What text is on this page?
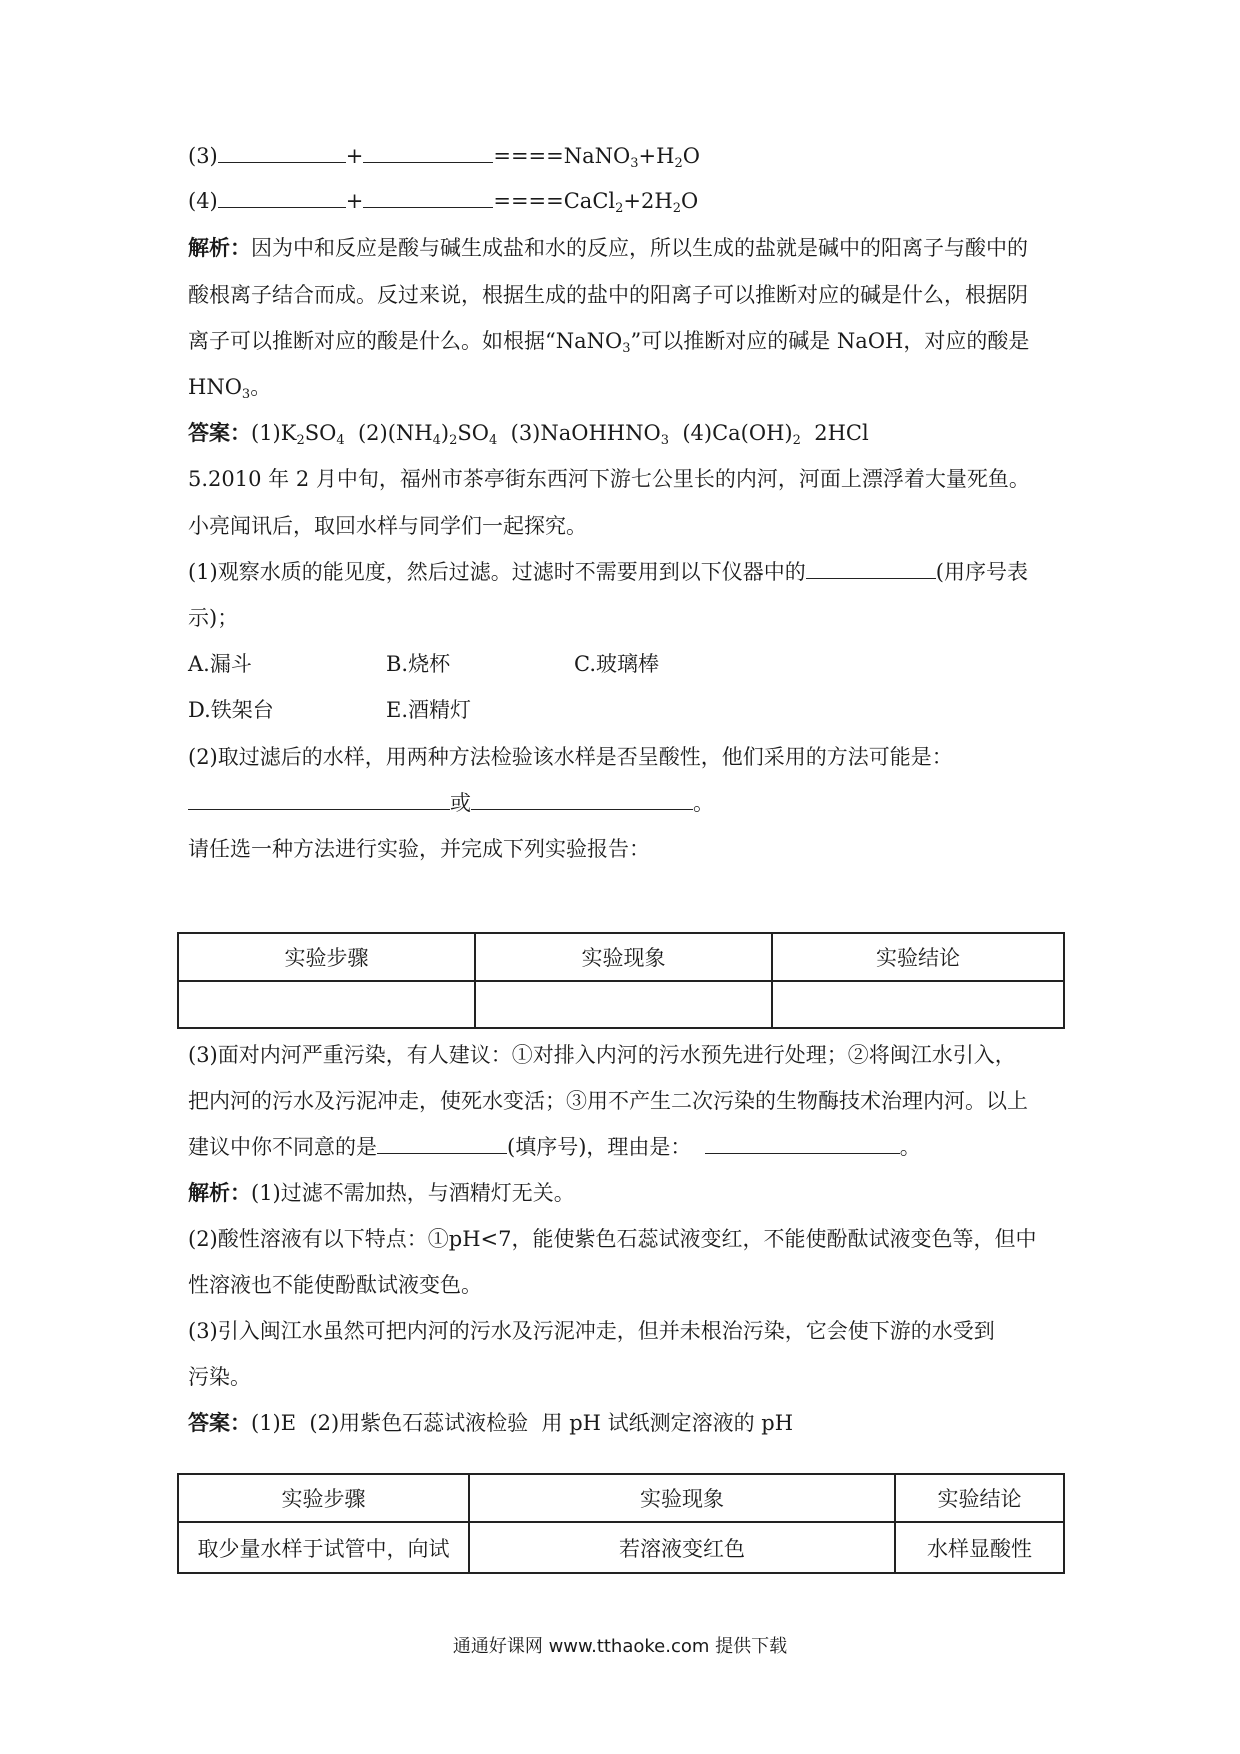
(3)	+	$====NaNO_3+H_2O$
(4)	+	$====CaCl_2+2H_2O$
解析：因为中和反应是酸与碱生成盐和水的反应，所以生成的盐就是碱中的阳离子与酸中的
酸根离子结合而成。反过来说，根据生成的盐中的阳离子可以推断对应的碱是什么，根据阴
离子可以推断对应的酸是什么。如根据“NaNO$_3$”可以推断对应的碱是 NaOH，对应的酸是
$HNO_3$。
答案：$(1)K_2SO_4$ $(2)(NH_4)_2SO_4$ (3)NaOHHNO$_3$ $(4)Ca(OH)_2$ 2HCl
5.2010 年 2 月中旬，福州市茶亭街东西河下游七公里长的内河，河面上漂浮着大量死鱼。
小亮闻讯后，取回水样与同学们一起探究。
(1)观察水质的能见度，然后过滤。过滤时不需要用到以下仪器中的	(用序号表
示)；
A.漏斗	B.烧杯	C.玻璃棒
D.铁架台	E.酒精灯
(2)取过滤后的水样，用两种方法检验该水样是否呈酸性，他们采用的方法可能是：
或	。
请任选一种方法进行实验，并完成下列实验报告：
实验步骤	实验现象	实验结论

(3)面对内河严重污染，有人建议：①对排入内河的污水预先进行处理；②将闽江水引入，
把内河的污水及污泥冲走，使死水变活；③用不产生二次污染的生物酶技术治理内河。以上
建议中你不同意的是	(填序号)，理由是：	。
解析：(1)过滤不需加热，与酒精灯无关。
(2)酸性溶液有以下特点：①pH<7，能使紫色石蕊试液变红，不能使酚酞试液变色等，但中
性溶液也不能使酚酞试液变色。
(3)引入闽江水虽然可把内河的污水及污泥冲走，但并未根治污染，它会使下游的水受到
污染。
答案：(1)E  (2)用紫色石蕊试液检验  用 pH 试纸测定溶液的 pH
实验步骤	实验现象	实验结论
取少量水样于试管中，向试	若溶液变红色	水样显酸性
通通好课网 www.tthaoke.com 提供下载
